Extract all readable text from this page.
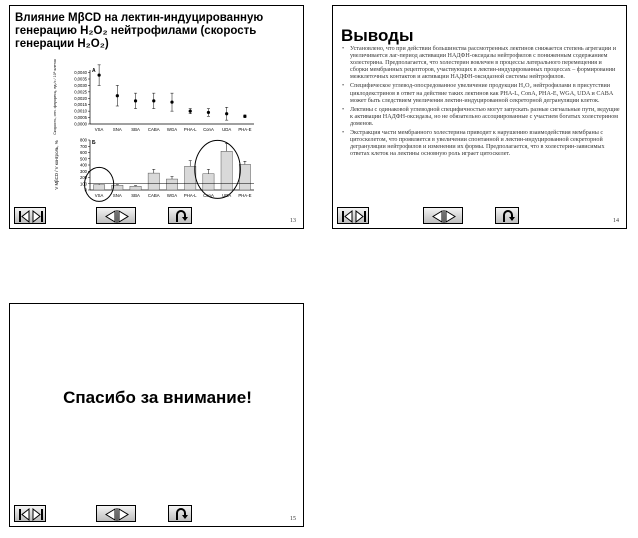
Влияние MβCD на лектин-индуцированную генерацию H₂O₂ нейтрофилами (скорость генерации H₂O₂)
0,0000
0,0005
0,0010
0,0015
0,0020
0,0025
0,0030
0,0035
0,0040 А
Скорость, отн. флуоресц. ед./с / 10⁶ клеток	VSA SNA SBA CABA WGA PHA-L ConA UDA PHA-E
0
100
200
300
400
500
600
700
800 Б
V MβCD / V контроль, %
VSA SNA SBA CABA WGA PHA-L ConA UDA PHA-E
13
Выводы
• Установлено, что при действии большинства рассмотренных лектинов снижается степень агрегации и увеличивается лаг-период активации НАДФН-оксидазы нейтрофилов с пониженным содержанием холестерина. Предполагается, что холестерин вовлечен в процессы латерального перемещения и сборки мембранных рецепторов, участвующих в лектин-индуцированных процессах – формировании межклеточных контактов и активации НАДФН-оксидазной системы нейтрофилов.
• Специфическое углевод-опосредованное увеличение продукции H₂O₂ нейтрофилами в присутствии циклодекстринов в ответ на действие таких лектинов как PHA-L, ConA, PHA-E, WGA, UDA и CABA может быть следствием увеличения лектин-индуцированной секреторной дегрануляции клеток.
• Лектины с одинаковой углеводной специфичностью могут запускать разные сигнальные пути, ведущие к активации НАДФН-оксидазы, но не обязательно ассоциированные с участием богатых холестерином доменов.
• Экстракция части мембранного холестерина приводит к нарушению взаимодействия мембраны с цитоскелетом, что проявляется в увеличении спонтанной и лектин-индуцированной секреторной дегрануляции нейтрофилов и изменении их формы. Предполагается, что в холестерин-зависимых ответах клеток на лектины основную роль играет цитоскелет.
14
Спасибо за внимание!
15
